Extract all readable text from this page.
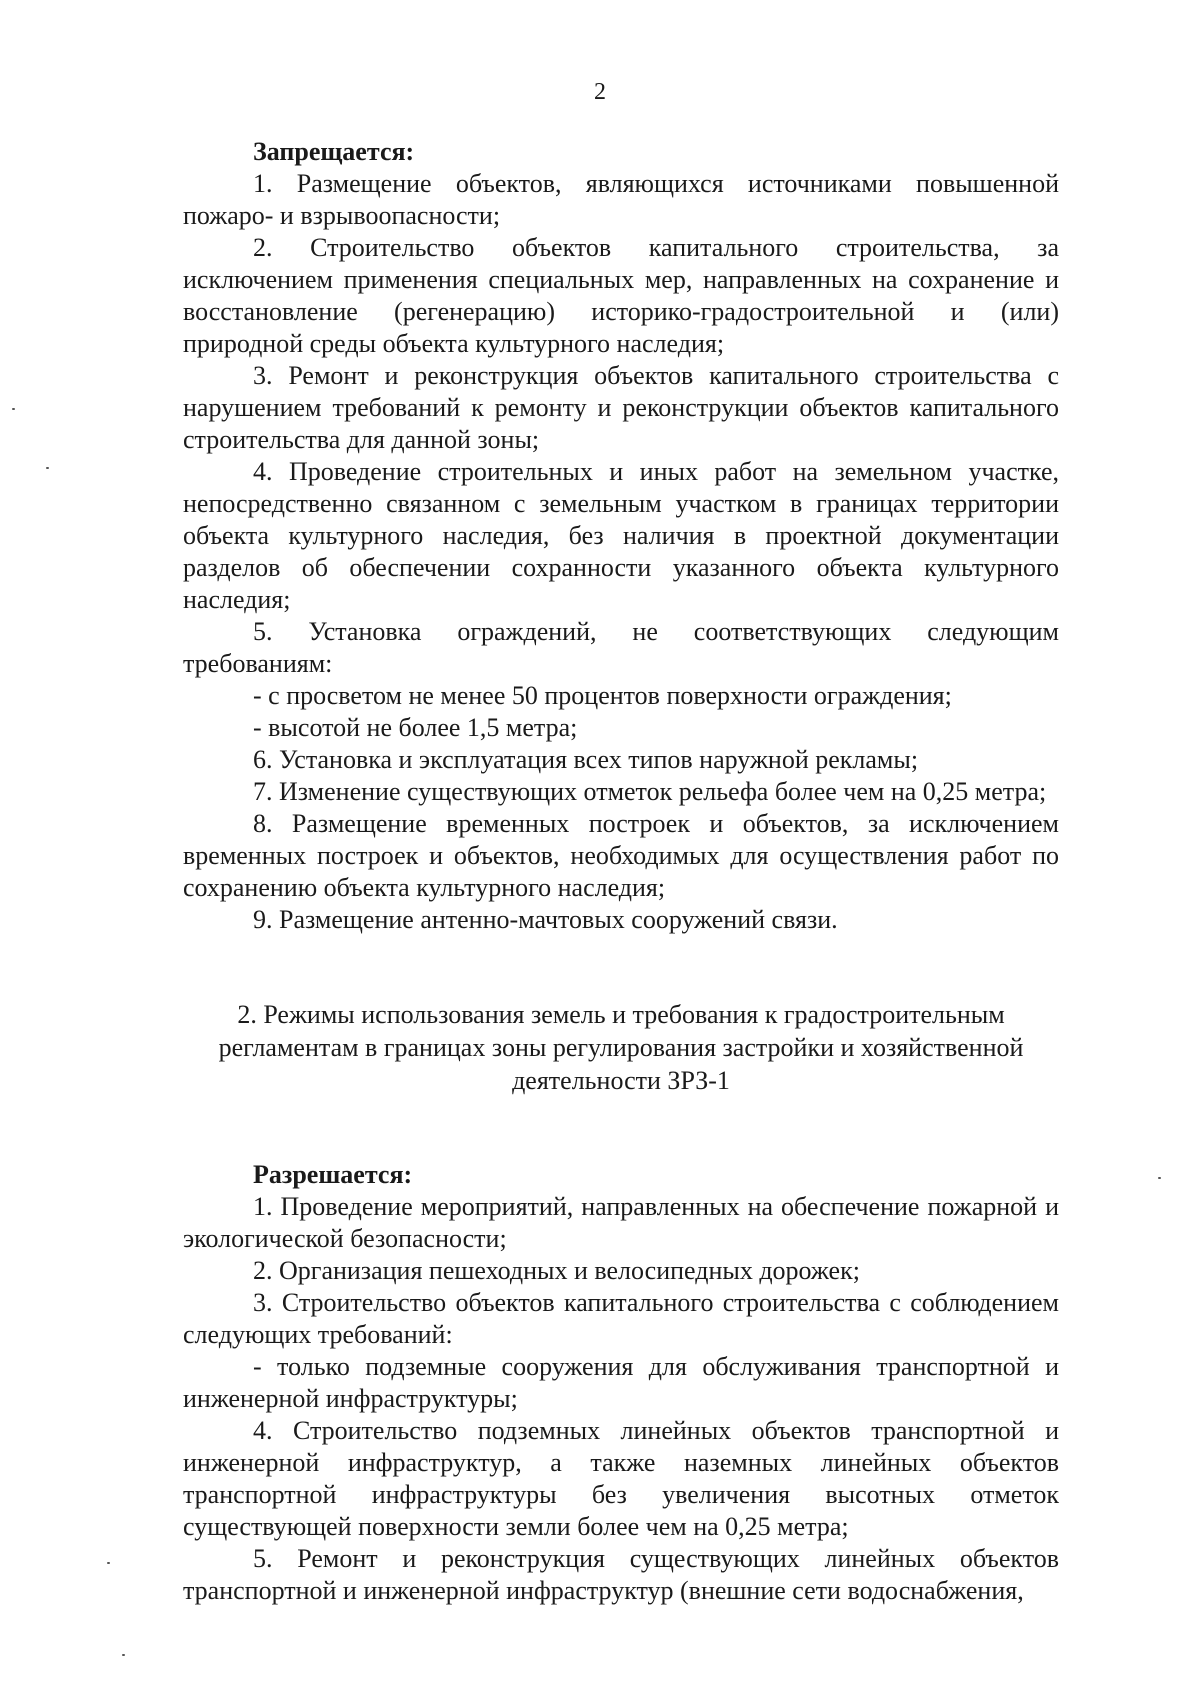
2

Запрещается:

1. Размещение объектов, являющихся источниками повышенной пожаро- и взрывоопасности;

2. Строительство объектов капитального строительства, за исключением применения специальных мер, направленных на сохранение и восстановление (регенерацию) историко-градостроительной и (или) природной среды объекта культурного наследия;

3. Ремонт и реконструкция объектов капитального строительства с нарушением требований к ремонту и реконструкции объектов капитального строительства для данной зоны;

4. Проведение строительных и иных работ на земельном участке, непосредственно связанном с земельным участком в границах территории объекта культурного наследия, без наличия в проектной документации разделов об обеспечении сохранности указанного объекта культурного наследия;

5. Установка ограждений, не соответствующих следующим требованиям:

- с просветом не менее 50 процентов поверхности ограждения;

- высотой не более 1,5 метра;

6. Установка и эксплуатация всех типов наружной рекламы;

7. Изменение существующих отметок рельефа более чем на 0,25 метра;

8. Размещение временных построек и объектов, за исключением временных построек и объектов, необходимых для осуществления работ по сохранению объекта культурного наследия;

9. Размещение антенно-мачтовых сооружений связи.

2. Режимы использования земель и требования к градостроительным регламентам в границах зоны регулирования застройки и хозяйственной деятельности ЗРЗ-1

Разрешается:

1. Проведение мероприятий, направленных на обеспечение пожарной и экологической безопасности;

2. Организация пешеходных и велосипедных дорожек;

3. Строительство объектов капитального строительства с соблюдением следующих требований:

- только подземные сооружения для обслуживания транспортной и инженерной инфраструктуры;

4. Строительство подземных линейных объектов транспортной и инженерной инфраструктур, а также наземных линейных объектов транспортной инфраструктуры без увеличения высотных отметок существующей поверхности земли более чем на 0,25 метра;

5. Ремонт и реконструкция существующих линейных объектов транспортной и инженерной инфраструктур (внешние сети водоснабжения,
